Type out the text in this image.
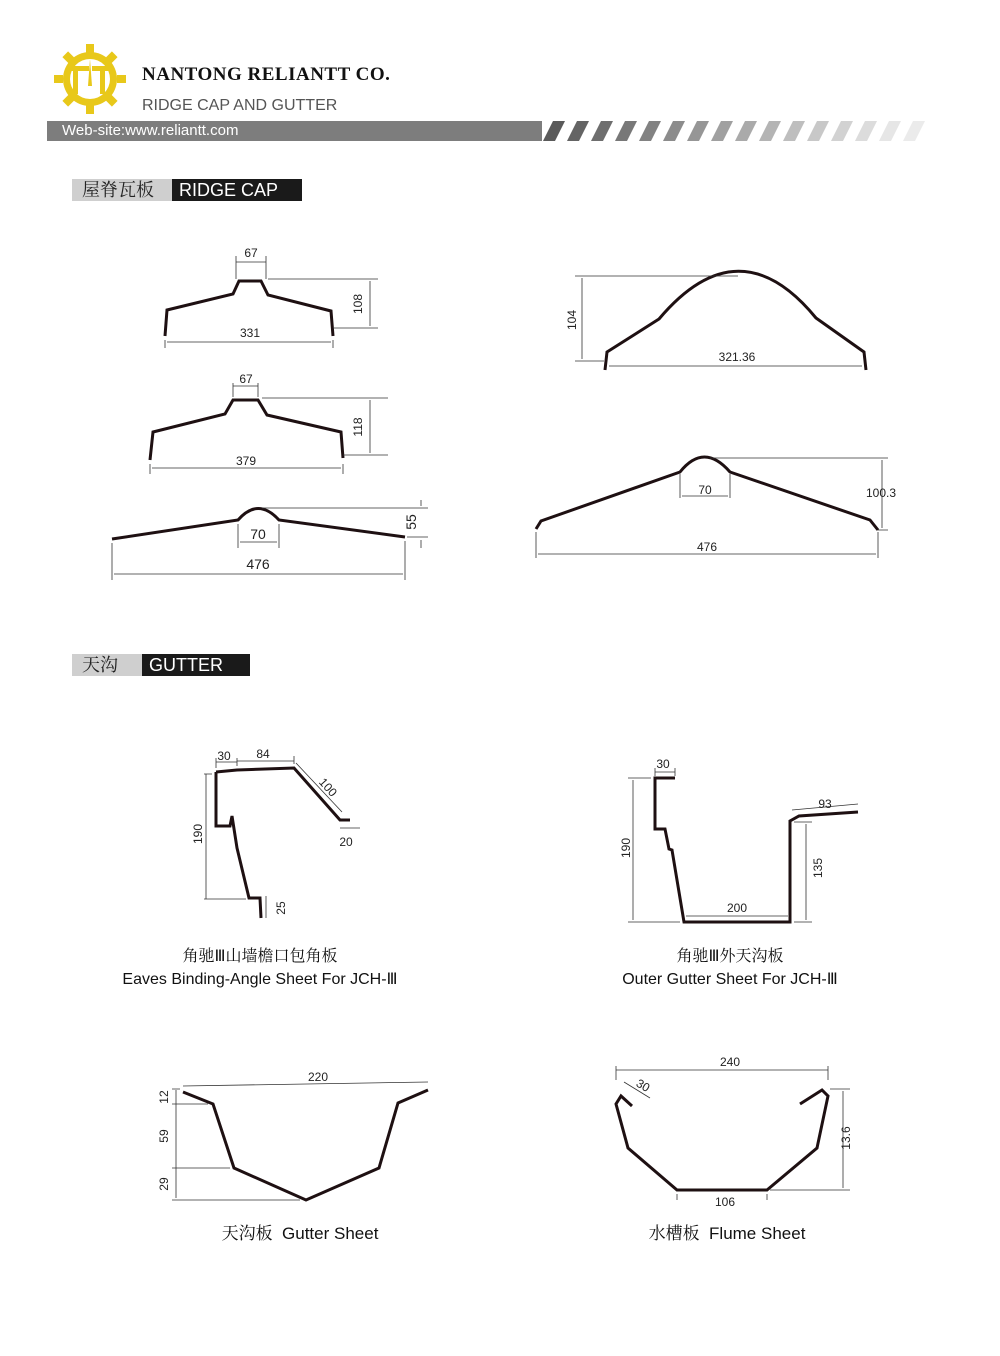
NANTONG RELIANTT CO.
RIDGE CAP AND GUTTER
Web-site:www.reliantt.com
屋脊瓦板	RIDGE CAP
67
108
331
67
118
379
70
55
476
104
321.36
70	100.3
476
天沟	GUTTER
30 84
100
190	20
25
30
93
190
135
200
220
12
59
29
240
30
13.6
106
角驰Ⅲ山墙檐口包角板
Eaves Binding-Angle Sheet For JCH-Ⅲ
角驰Ⅲ外天沟板
Outer Gutter Sheet For JCH-Ⅲ
天沟板 Gutter Sheet	水槽板 Flume Sheet
